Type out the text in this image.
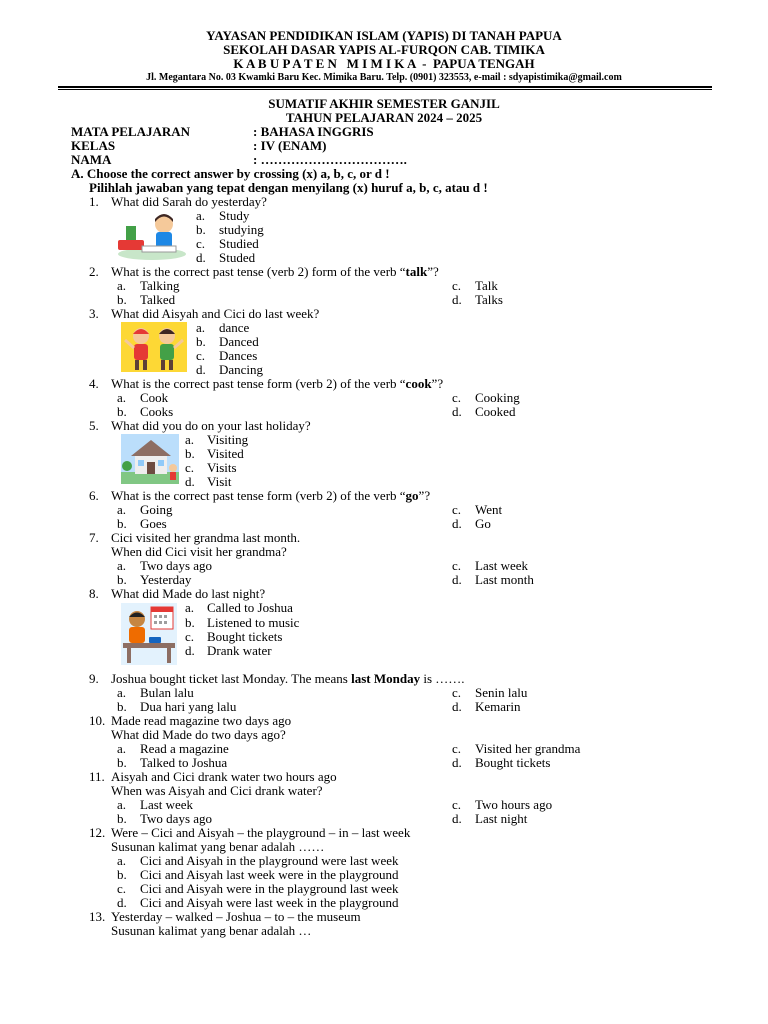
YAYASAN PENDIDIKAN ISLAM (YAPIS) DI TANAH PAPUA
SEKOLAH DASAR YAPIS AL-FURQON CAB. TIMIKA
K A B U P A T E N   M I M I K A  -  PAPUA TENGAH
Jl. Megantara No. 03 Kwamki Baru Kec. Mimika Baru. Telp. (0901) 323553, e-mail : sdyapistimika@gmail.com
SUMATIF AKHIR SEMESTER GANJIL
TAHUN PELAJARAN 2024 – 2025
MATA PELAJARAN	: BAHASA INGGRIS
KELAS	: IV (ENAM)
NAMA	: …………………………….
A. Choose the correct answer by crossing (x) a, b, c, or d !
Pilihlah jawaban yang tepat dengan menyilang (x) huruf a, b, c, atau d !
1. What did Sarah do yesterday?
a. Study
b. studying
c. Studied
d. Studed
2. What is the correct past tense (verb 2) form of the verb “talk”?
a. Talking
b. Talked
c. Talk
d. Talks
3. What did Aisyah and Cici do last week?
a. dance
b. Danced
c. Dances
d. Dancing
4. What is the correct past tense form (verb 2) of the verb “cook”?
a. Cook
b. Cooks
c. Cooking
d. Cooked
5. What did you do on your last holiday?
a. Visiting
b. Visited
c. Visits
d. Visit
6. What is the correct past tense form (verb 2) of the verb “go”?
a. Going
b. Goes
c. Went
d. Go
7. Cici visited her grandma last month.
When did Cici visit her grandma?
a. Two days ago
b. Yesterday
c. Last week
d. Last month
8. What did Made do last night?
a. Called to Joshua
b. Listened to music
c. Bought tickets
d. Drank water
9. Joshua bought ticket last Monday. The means last Monday is …….
a. Bulan lalu
b. Dua hari yang lalu
c. Senin lalu
d. Kemarin
10. Made read magazine two days ago
What did Made do two days ago?
a. Read a magazine
b. Talked to Joshua
c. Visited her grandma
d. Bought tickets
11. Aisyah and Cici drank water two hours ago
When was Aisyah and Cici drank water?
a. Last week
b. Two days ago
c. Two hours ago
d. Last night
12. Were – Cici and Aisyah – the playground – in – last week
Susunan kalimat yang benar adalah ……
a. Cici and Aisyah in the playground were last week
b. Cici and Aisyah last week were in the playground
c. Cici and Aisyah were in the playground last week
d. Cici and Aisyah were last week in the playground
13. Yesterday – walked – Joshua – to – the museum
Susunan kalimat yang benar adalah …
